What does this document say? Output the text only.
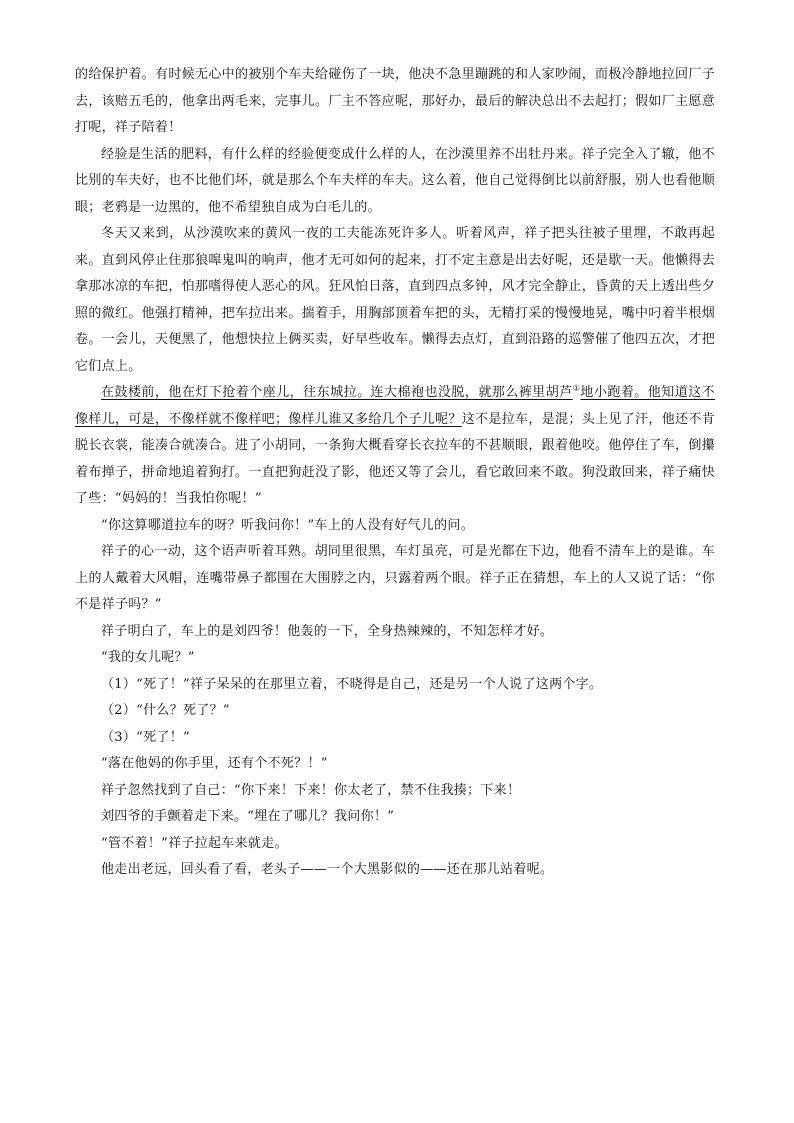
的给保护着。有时候无心中的被别个车夫给碰伤了一块，他决不急里蹦跳的和人家吵闹，而极冷静地拉回厂子去，该赔五毛的，他拿出两毛来，完事儿。厂主不答应呢，那好办，最后的解决总出不去起打；假如厂主愿意打呢，祥子陪着！

经验是生活的肥料，有什么样的经验便变成什么样的人，在沙漠里养不出牡丹来。祥子完全入了辙，他不比别的车夫好，也不比他们坏，就是那么个车夫样的车夫。这么着，他自己觉得倒比以前舒服，别人也看他顺眼；老鸦是一边黑的，他不希望独自成为白毛儿的。

冬天又来到，从沙漠吹来的黄风一夜的工夫能冻死许多人。听着风声，祥子把头往被子里埋，不敢再起来。直到风停止住那狼嗥鬼叫的响声，他才无可如何的起来，打不定主意是出去好呢，还是歇一天。他懒得去拿那冰凉的车把，怕那嗜得使人恶心的风。狂风怕日落，直到四点多钟，风才完全静止，昏黄的天上透出些夕照的微红。他强打精神，把车拉出来。揣着手，用胸部顶着车把的头，无精打采的慢慢地晃，嘴中叼着半根烟卷。一会儿，天便黑了，他想快拉上俩买卖，好早些收车。懒得去点灯，直到沿路的巡警催了他四五次，才把它们点上。

在鼓楼前，他在灯下抢着个座儿，往东城拉。连大棉袍也没脱，就那么裤里胡芦①地小跑着。他知道这不像样儿，可是，不像样就不像样吧；像样儿谁又多给几个子儿呢？这不是拉车，是混；头上见了汗，他还不肯脱长衣裳，能凑合就凑合。进了小胡同，一条狗大概看穿长衣拉车的不甚顺眼，跟着他咬。他停住了车，倒攥着布掸子，拼命地追着狗打。一直把狗赶没了影，他还又等了会儿，看它敢回来不敢。狗没敢回来，祥子痛快了些：“妈妈的！当我怕你呢！”

“你这算哪道拉车的呀？听我问你！”车上的人没有好气儿的问。

祥子的心一动，这个语声听着耳熟。胡同里很黑，车灯虽亮，可是光都在下边，他看不清车上的是谁。车上的人戴着大风帽，连嘴带鼻子都围在大围脖之内，只露着两个眼。祥子正在猜想，车上的人又说了话：“你不是祥子吗？”

祥子明白了，车上的是刘四爷！他轰的一下，全身热辣辣的，不知怎样才好。

“我的女儿呢？”

（1）“死了！”祥子呆呆的在那里立着，不晓得是自己，还是另一个人说了这两个字。

（2）“什么？死了？”

（3）“死了！”

“落在他妈的你手里，还有个不死？！”

祥子忽然找到了自己：“你下来！下来！你太老了，禁不住我揍；下来！

刘四爷的手颤着走下来。“埋在了哪儿？我问你！”

“管不着！”祥子拉起车来就走。

他走出老远，回头看了看，老头子——一个大黑影似的——还在那儿站着呢。
